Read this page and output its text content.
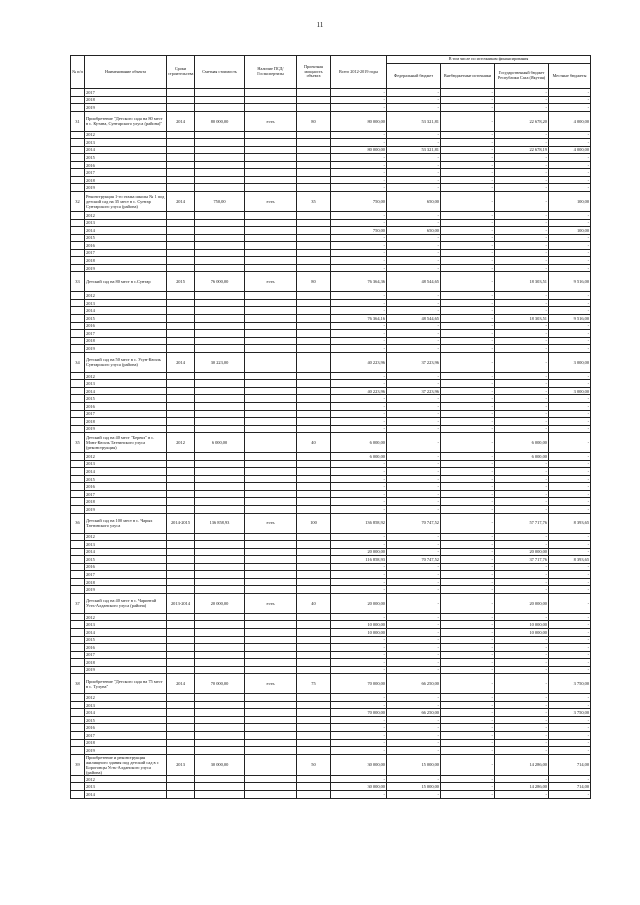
11
№ п/п	Наименование объекта	Сроки строительства	Сметная стоимость	Наличие ПСД/ Госэкспертизы	Проектная мощность объекта	Всего 2012-2019 годы	В том числе по источникам финансирования			
							Федеральный бюджет	Внебюджетные источники	Государственный бюджет Республики Саха (Якутия)	Местные бюджеты
	2017					-	-	-	-	-
	2018					-	-	-	-	-
	2019					-	-	-	-	-
31	Приобретение "Детского сада на 80 мест в с. Кутана, Сунтарского улуса (района)"	2014	80 000,00	есть	80	80 000,00	53 321,81	-	22 678,20	4 000,00
	2012					-	-	-	-	-
	2013					-	-	-	-	-
	2014					80 000,00	53 321,81	-	22 678,19	4 000,00
	2015					-	-	-	-	-
	2016					-	-	-	-	-
	2017					-	-	-	-	-
	2018					-	-	-	-	-
	2019					-	-	-	-	-
32	Реконструкция 1-го этажа школы № 1 под детский сад на 35 мест в с. Сунтар Сунтарского улуса (района)	2014	750,00	есть	35	750,00	650,00	-	-	100,00
	2012					-	-	-	-	-
	2013					-	-	-	-	-
	2014					750,00	650,00	-	-	100,00
	2015					-	-	-	-	-
	2016					-	-	-	-	-
	2017					-	-	-	-	-
	2018					-	-	-	-	-
	2019					-	-	-	-	-
33	Детский сад на 80 мест в с.Сунтар	2015	76 000,00	есть	80	76 364,36	48 544,65	-	18 303,51	9 516,00
	2012					-	-	-	-	-
	2013					-	-	-	-	-
	2014					-	-	-	-	-
	2015					76 364,16	48 544,65	-	18 303,51	9 516,00
	2016					-	-	-	-	-
	2017					-	-	-	-	-
	2018					-	-	-	-	-
	2019					-	-	-	-	-
34	Детский сад на 50 мест в с. Усун-Кюэль Сунтарского улуса (района)	2014	30 223,00			40 223,96	37 223,96	-	-	3 000,00
	2012					-	-	-	-	-
	2013					-	-	-	-	-
	2014					40 223,96	37 223,96	-	-	3 000,00
	2015					-	-	-	-	-
	2016					-	-	-	-	-
	2017					-	-	-	-	-
	2018					-	-	-	-	-
	2019					-	-	-	-	-
35	Детский сад на 40 мест "Берекэ" в с. Мэнэ-Кюэль Таттинского улуса (реконструкция)	2012	6 000,00		40	6 000,00	-	-	6 000,00	-
	2012					6 000,00	-	-	6 000,00	-
	2013					-	-	-	-	-
	2014					-	-	-	-	-
	2015					-	-	-	-	-
	2016					-	-	-	-	-
	2017					-	-	-	-	-
	2018					-	-	-	-	-
	2019					-	-	-	-	-
36	Детский сад на 100 мест в с. Чарых Таттинского улуса	2014-2015	136 858,93	есть	100	136 858,92	70 747,52	-	57 717,76	8 393,65
	2012					-	-	-	-	-
	2013					-	-	-	-	-
	2014					20 000,00	-	-	20 000,00	-
	2015					116 858,93	70 747,52	-	37 717,76	8 393,65
	2016					-	-	-	-	-
	2017					-	-	-	-	-
	2018					-	-	-	-	-
	2019					-	-	-	-	-
37	Детский сад на 40 мест в с. Чаринтай Усть-Алданского улуса (района)	2013-2014	20 000,00	есть	40	20 000,00	-	-	20 000,00	-
	2012					-	-	-	-	-
	2013					10 000,00	-	-	10 000,00	-
	2014					10 000,00	-	-	10 000,00	-
	2015					-	-	-	-	-
	2016					-	-	-	-	-
	2017					-	-	-	-	-
	2018					-	-	-	-	-
	2019					-	-	-	-	-
38	Приобретение "Детского сада на 75 мест в с. Тулуна"	2014	70 000,00	есть	75	70 000,00	66 250,00	-	-	3 750,00
	2012					-	-	-	-	-
	2013					-	-	-	-	-
	2014					70 000,00	66 250,00	-	-	3 750,00
	2015					-	-	-	-	-
	2016					-	-	-	-	-
	2017					-	-	-	-	-
	2018					-	-	-	-	-
	2019					-	-	-	-	-
39	Приобретение и реконструкция жилищного здания под детский сад в с Борогонцы Усть-Алданского улуса (района)	2013	30 000,00		50	30 000,00	15 000,00	-	14 286,00	714,00
	2012					-	-	-	-	-
	2013					30 000,00	15 000,00	-	14 286,00	714,00
	2014					-	-	-	-	-
